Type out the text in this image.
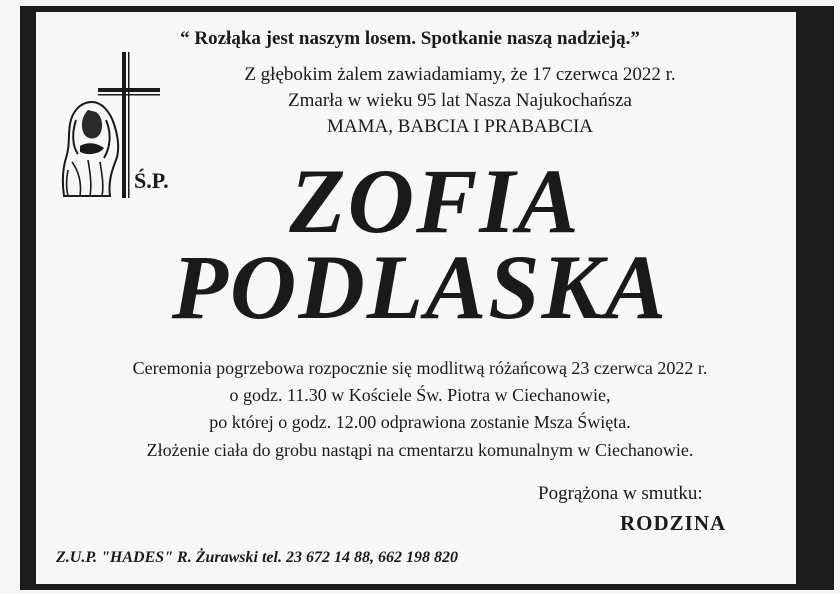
“ Rozłąka jest naszym losem. Spotkanie naszą nadzieją.”
Z głębokim żalem zawiadamiamy, że 17 czerwca 2022 r.
Zmarła w wieku 95 lat Nasza Najukochańsza
MAMA, BABCIA I PRABABCIA
Ś.P.	ZOFIA
PODLASKA
Ceremonia pogrzebowa rozpocznie się modlitwą różańcową 23 czerwca 2022 r.
o godz. 11.30 w Kościele Św. Piotra w Ciechanowie,
po której o godz. 12.00 odprawiona zostanie Msza Święta.
Złożenie ciała do grobu nastąpi na cmentarzu komunalnym w Ciechanowie.
Pogrążona w smutku:
RODZINA
Z.U.P. "HADES" R. Żurawski tel. 23 672 14 88, 662 198 820
